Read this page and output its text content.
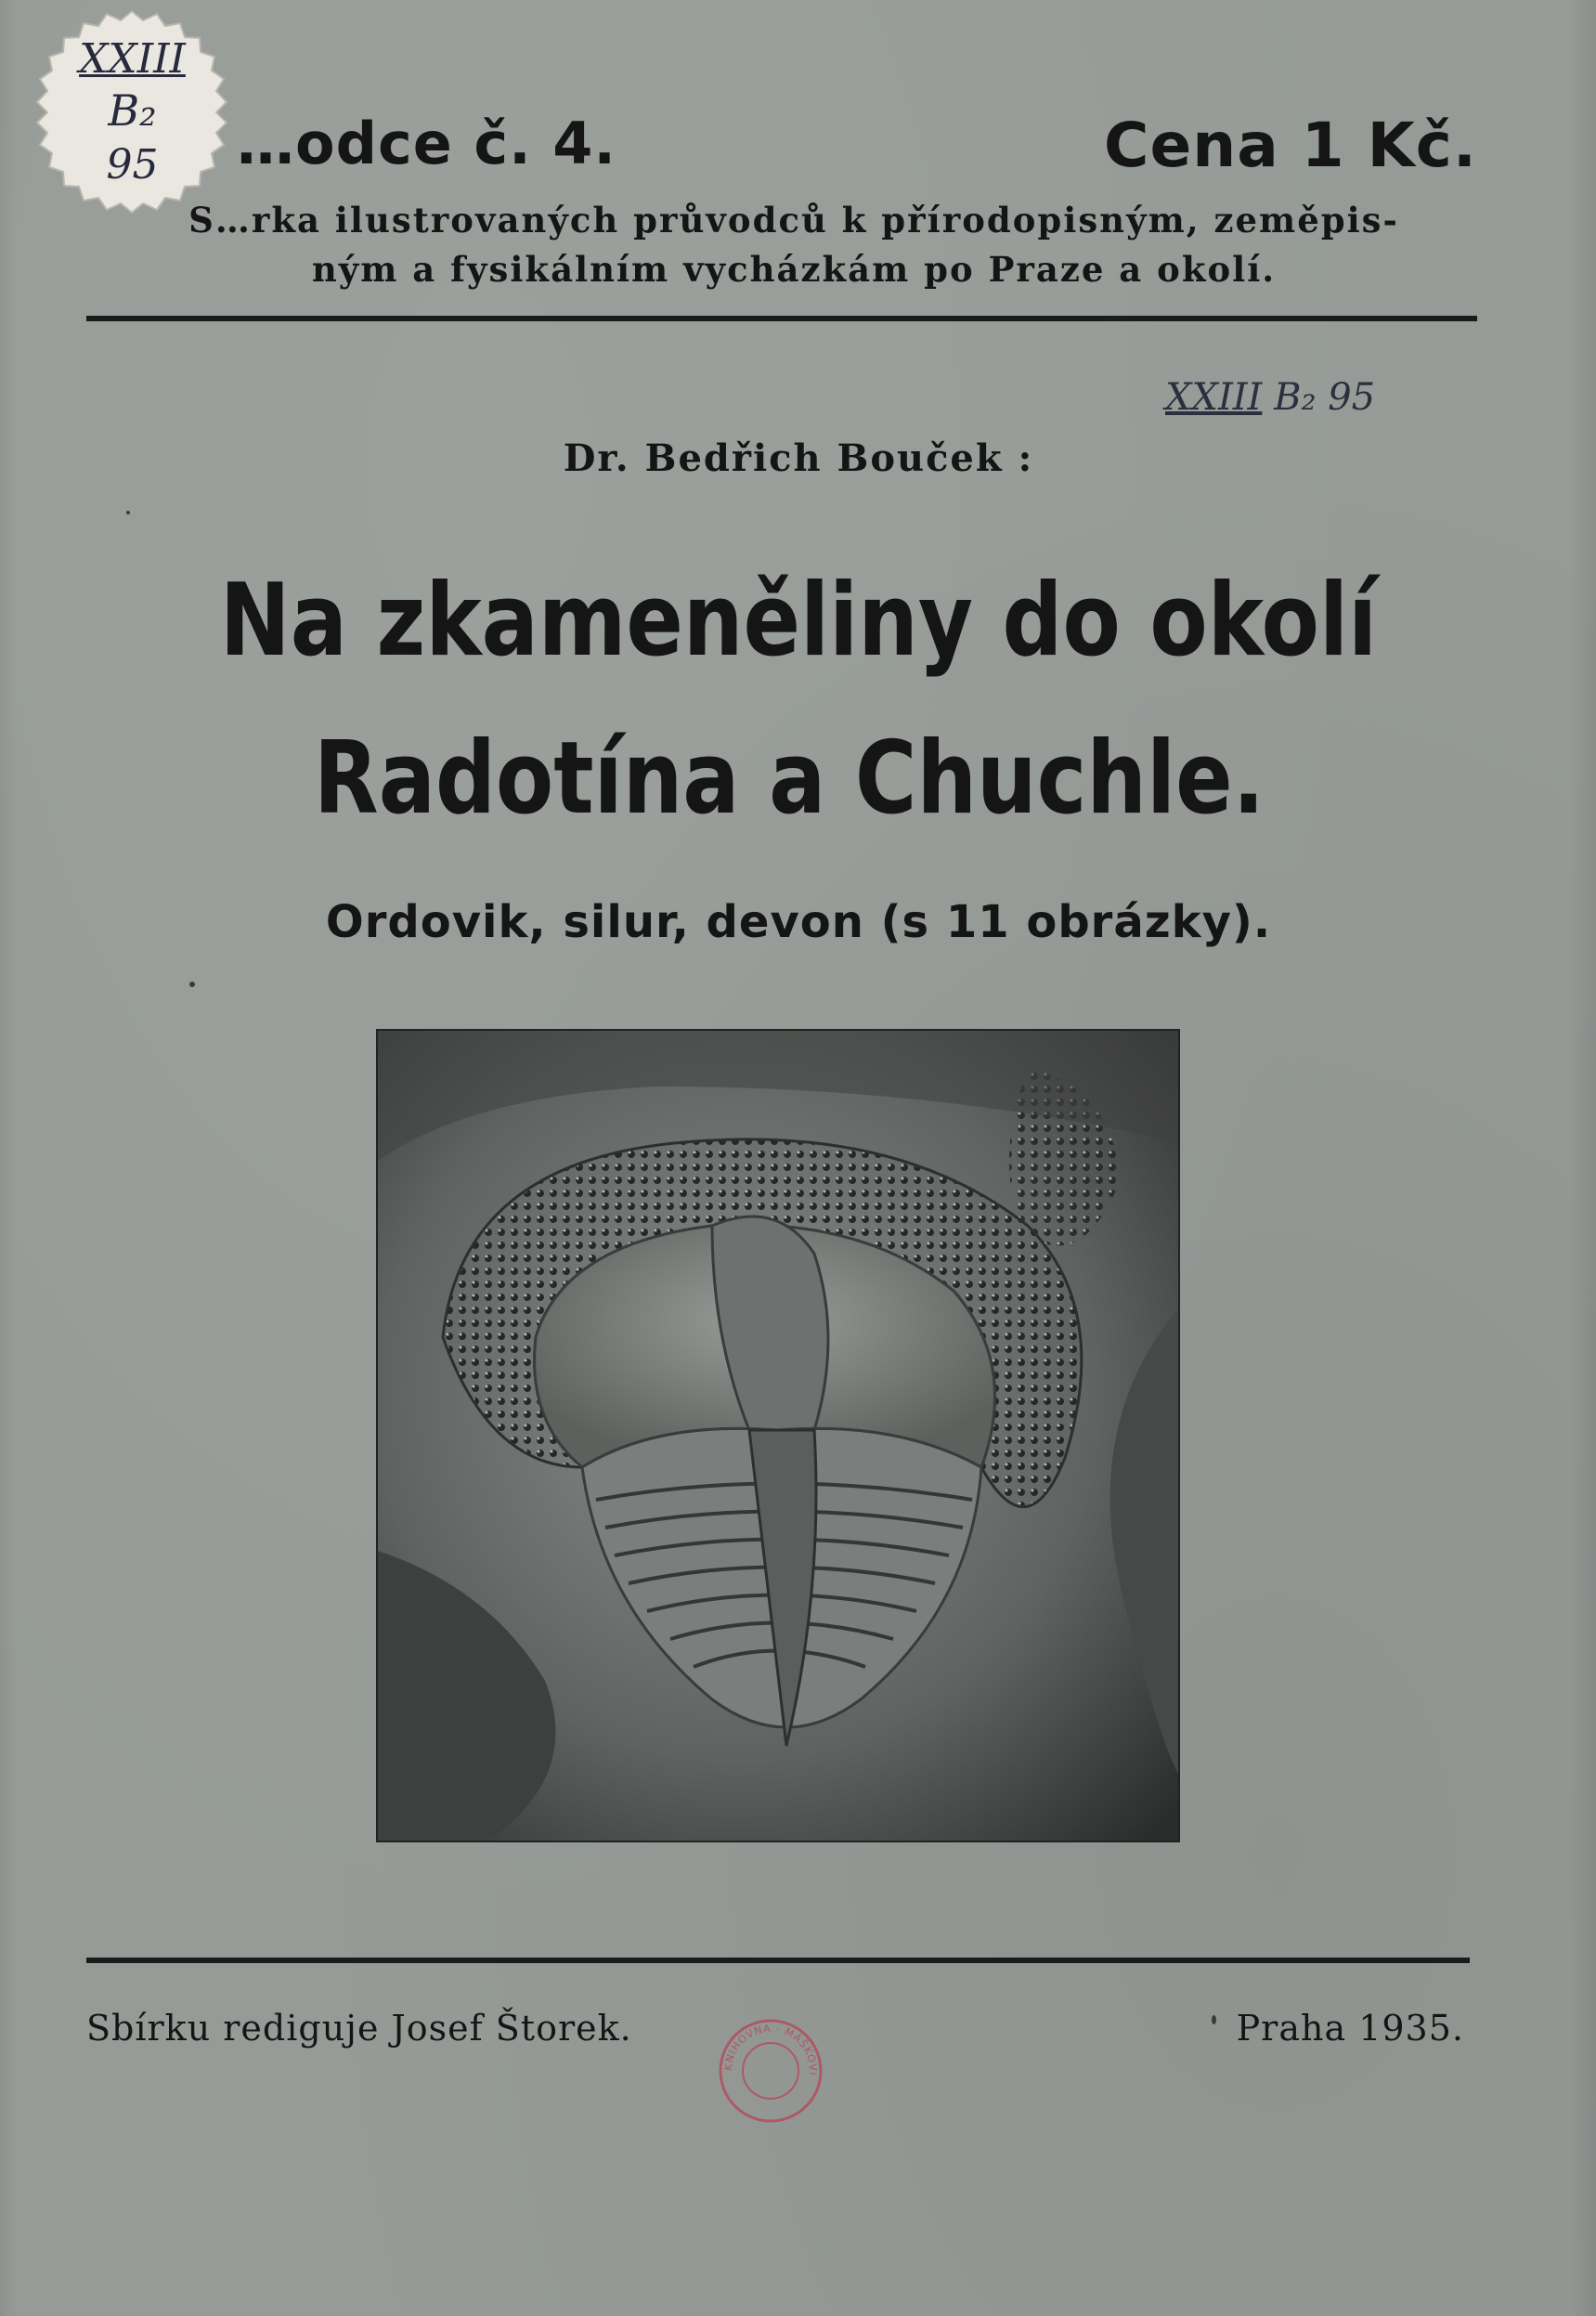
XXIII
B₂
95	…odce č. 4.	Cena 1 Kč.
S…rka ilustrovaných průvodců k přírodopisným, zeměpis-
ným a fysikálním vycházkám po Praze a okolí.
XXIII B₂ 95
Dr. Bedřich Bouček :
Na zkameněliny do okolí
Radotína a Chuchle.
Ordovik, silur, devon (s 11 obrázky).
Sbírku rediguje Josef Štorek.	Praha 1935.
KNIHOVNA · MÁŠKOVI
